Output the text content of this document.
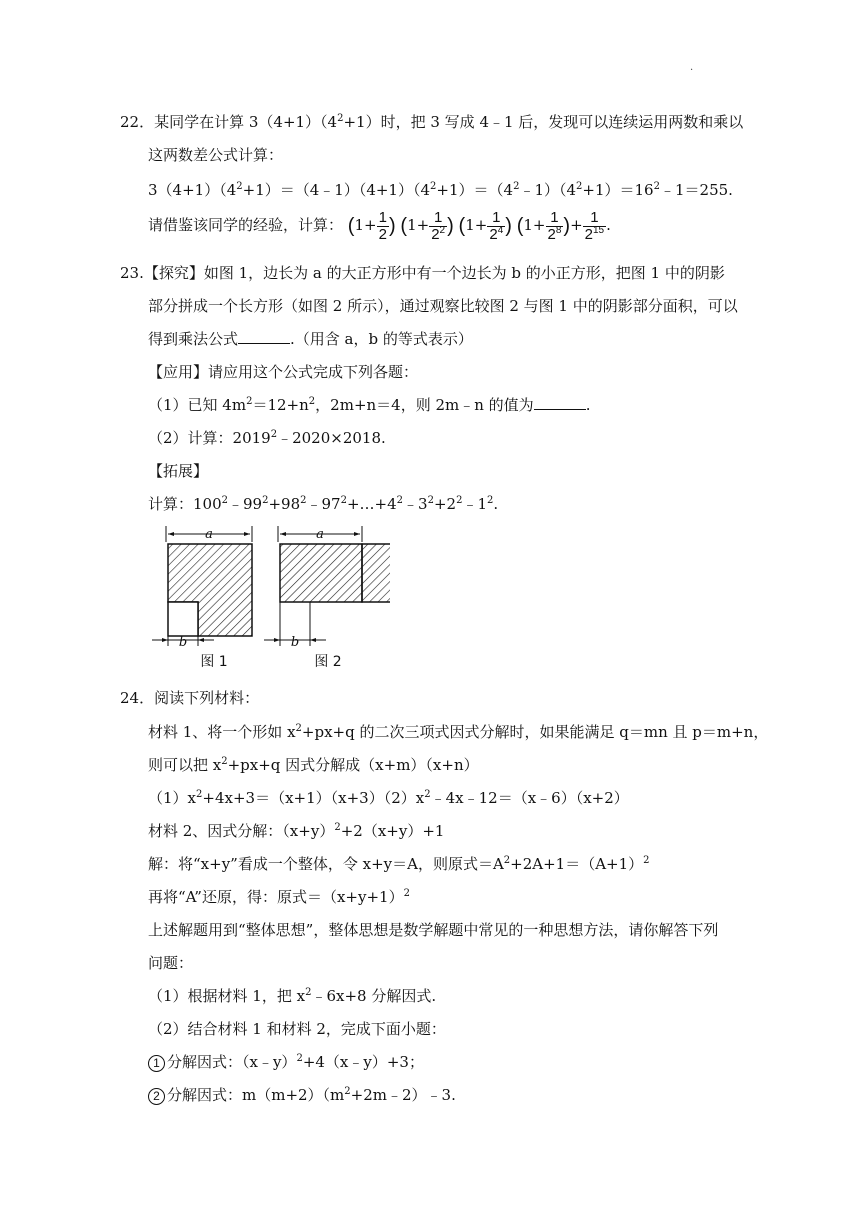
.
22．某同学在计算 $3(4+1)(4^2+1)$时，把 3 写成 4﹣1 后，发现可以连续运用两数和乘以
这两数差公式计算：
$3(4+1)(4^2+1)=(4﹣1)(4+1)(4^2+1)=(4^2﹣1)(4^2+1)=16^2﹣1=255$.
请借鉴该同学的经验，计算： ($1+ \frac{1}{2}$ ) ($1+ \frac{1}{2^2}$ ) ($1+ \frac{1}{2^4}$ ) ($1+ \frac{1}{2^8}$ )+ $\frac{1}{2^{15}}$ .
23.【探究】如图 1，边长为 a 的大正方形中有一个边长为 b 的小正方形，把图 1 中的阴影
部分拼成一个长方形（如图 2 所示），通过观察比较图 2 与图 1 中的阴影部分面积，可以
得到乘法公式	.（用含 a，b 的等式表示）
【应用】请应用这个公式完成下列各题：
（1）已知 $4m^2=12+n^2$，2m+n＝4，则 2m﹣n 的值为	.
（2）计算：$2019^2﹣2020\times 2018$.
【拓展】
计算：$100^2﹣99^2+98^2﹣97^2+\dots+4^2﹣3^2+2^2﹣1^2$.
a
b
图 1
a
b
图 2
24．阅读下列材料：
材料 1、将一个形如 $x^2+px+q$ 的二次三项式因式分解时，如果能满足 q＝mn 且 p＝m+n，
则可以把 $x^2+px+q$ 因式分解成（x+m）（x+n）
$(1)x^2+4x+3=(x+1)(x+3)(2)x^2﹣4x﹣12=(x﹣6)(x+2)$
材料 2、因式分解：$(x+y)^2+2(x+y)+1$
解：将“x+y”看成一个整体，令 x+y＝A，则原式$=A^2+2A+1=(A+1)^2$
再将“A”还原，得：原式$=(x+y+1)^2$
上述解题用到“整体思想”，整体思想是数学解题中常见的一种思想方法，请你解答下列
问题：
（1）根据材料 1，把 $x^2﹣6x+8$ 分解因式.
（2）结合材料 1 和材料 2，完成下面小题：
1 分解因式：（x﹣y）$^2$+4（x﹣y）+3；
2 分解因式：$m(m+2)(m^2+2m﹣2)﹣3$.
